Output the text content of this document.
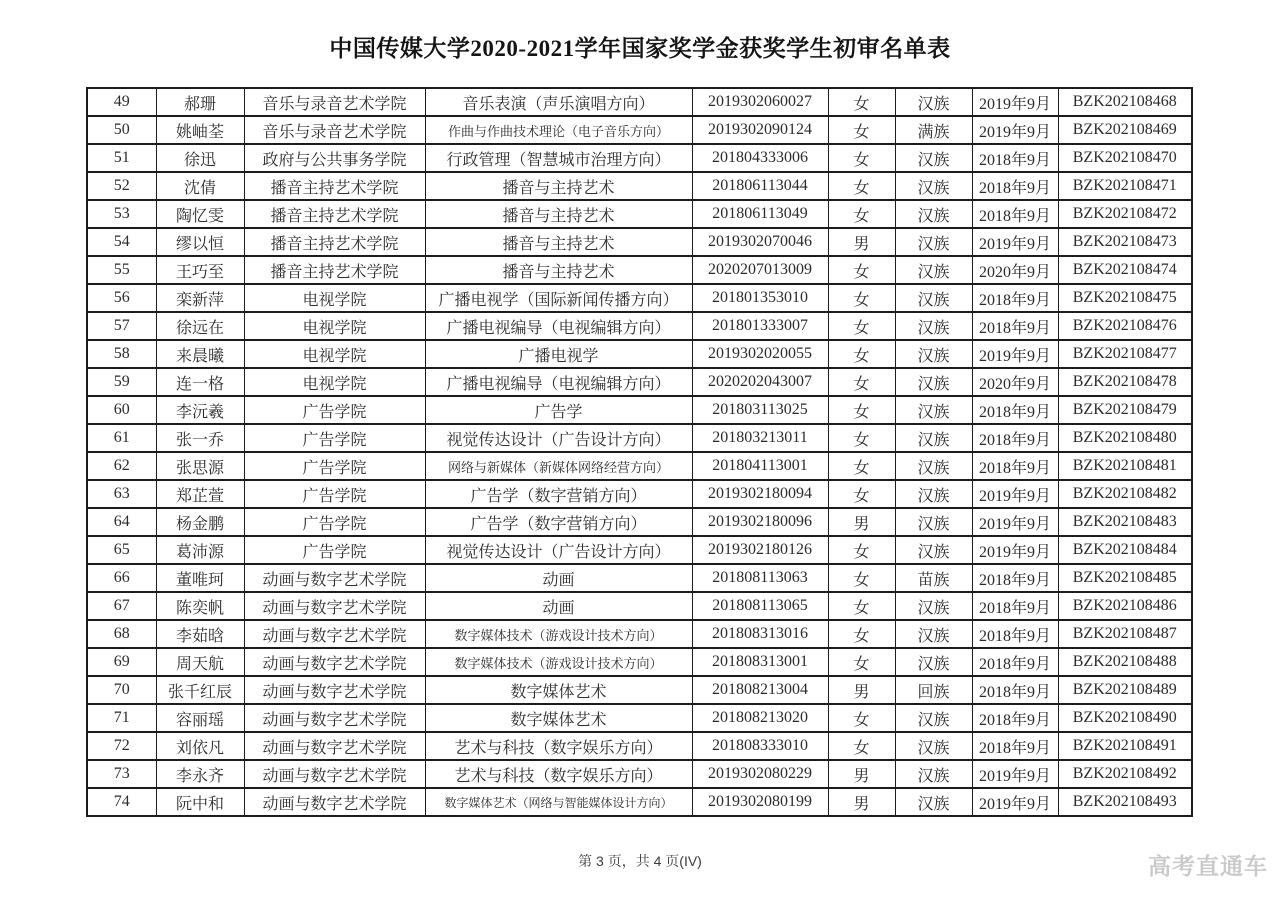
中国传媒大学2020-2021学年国家奖学金获奖学生初审名单表
49	郝珊	音乐与录音艺术学院	音乐表演（声乐演唱方向）	2019302060027	女	汉族	2019年9月	BZK202108468
50	姚岫荃	音乐与录音艺术学院	作曲与作曲技术理论（电子音乐方向）	2019302090124	女	满族	2019年9月	BZK202108469
51	徐迅	政府与公共事务学院	行政管理（智慧城市治理方向）	201804333006	女	汉族	2018年9月	BZK202108470
52	沈倩	播音主持艺术学院	播音与主持艺术	201806113044	女	汉族	2018年9月	BZK202108471
53	陶忆雯	播音主持艺术学院	播音与主持艺术	201806113049	女	汉族	2018年9月	BZK202108472
54	缪以恒	播音主持艺术学院	播音与主持艺术	2019302070046	男	汉族	2019年9月	BZK202108473
55	王巧至	播音主持艺术学院	播音与主持艺术	2020207013009	女	汉族	2020年9月	BZK202108474
56	栾新萍	电视学院	广播电视学（国际新闻传播方向）	201801353010	女	汉族	2018年9月	BZK202108475
57	徐远在	电视学院	广播电视编导（电视编辑方向）	201801333007	女	汉族	2018年9月	BZK202108476
58	来晨曦	电视学院	广播电视学	2019302020055	女	汉族	2019年9月	BZK202108477
59	连一格	电视学院	广播电视编导（电视编辑方向）	2020202043007	女	汉族	2020年9月	BZK202108478
60	李沅羲	广告学院	广告学	201803113025	女	汉族	2018年9月	BZK202108479
61	张一乔	广告学院	视觉传达设计（广告设计方向）	201803213011	女	汉族	2018年9月	BZK202108480
62	张思源	广告学院	网络与新媒体（新媒体网络经营方向）	201804113001	女	汉族	2018年9月	BZK202108481
63	郑芷萱	广告学院	广告学（数字营销方向）	2019302180094	女	汉族	2019年9月	BZK202108482
64	杨金鹏	广告学院	广告学（数字营销方向）	2019302180096	男	汉族	2019年9月	BZK202108483
65	葛沛源	广告学院	视觉传达设计（广告设计方向）	2019302180126	女	汉族	2019年9月	BZK202108484
66	董唯珂	动画与数字艺术学院	动画	201808113063	女	苗族	2018年9月	BZK202108485
67	陈奕帆	动画与数字艺术学院	动画	201808113065	女	汉族	2018年9月	BZK202108486
68	李茹晗	动画与数字艺术学院	数字媒体技术（游戏设计技术方向）	201808313016	女	汉族	2018年9月	BZK202108487
69	周天航	动画与数字艺术学院	数字媒体技术（游戏设计技术方向）	201808313001	女	汉族	2018年9月	BZK202108488
70	张千红辰	动画与数字艺术学院	数字媒体艺术	201808213004	男	回族	2018年9月	BZK202108489
71	容丽瑶	动画与数字艺术学院	数字媒体艺术	201808213020	女	汉族	2018年9月	BZK202108490
72	刘依凡	动画与数字艺术学院	艺术与科技（数字娱乐方向）	201808333010	女	汉族	2018年9月	BZK202108491
73	李永齐	动画与数字艺术学院	艺术与科技（数字娱乐方向）	2019302080229	男	汉族	2019年9月	BZK202108492
74	阮中和	动画与数字艺术学院	数字媒体艺术（网络与智能媒体设计方向）	2019302080199	男	汉族	2019年9月	BZK202108493
第 3 页，共 4 页(IV)	高考直通车
